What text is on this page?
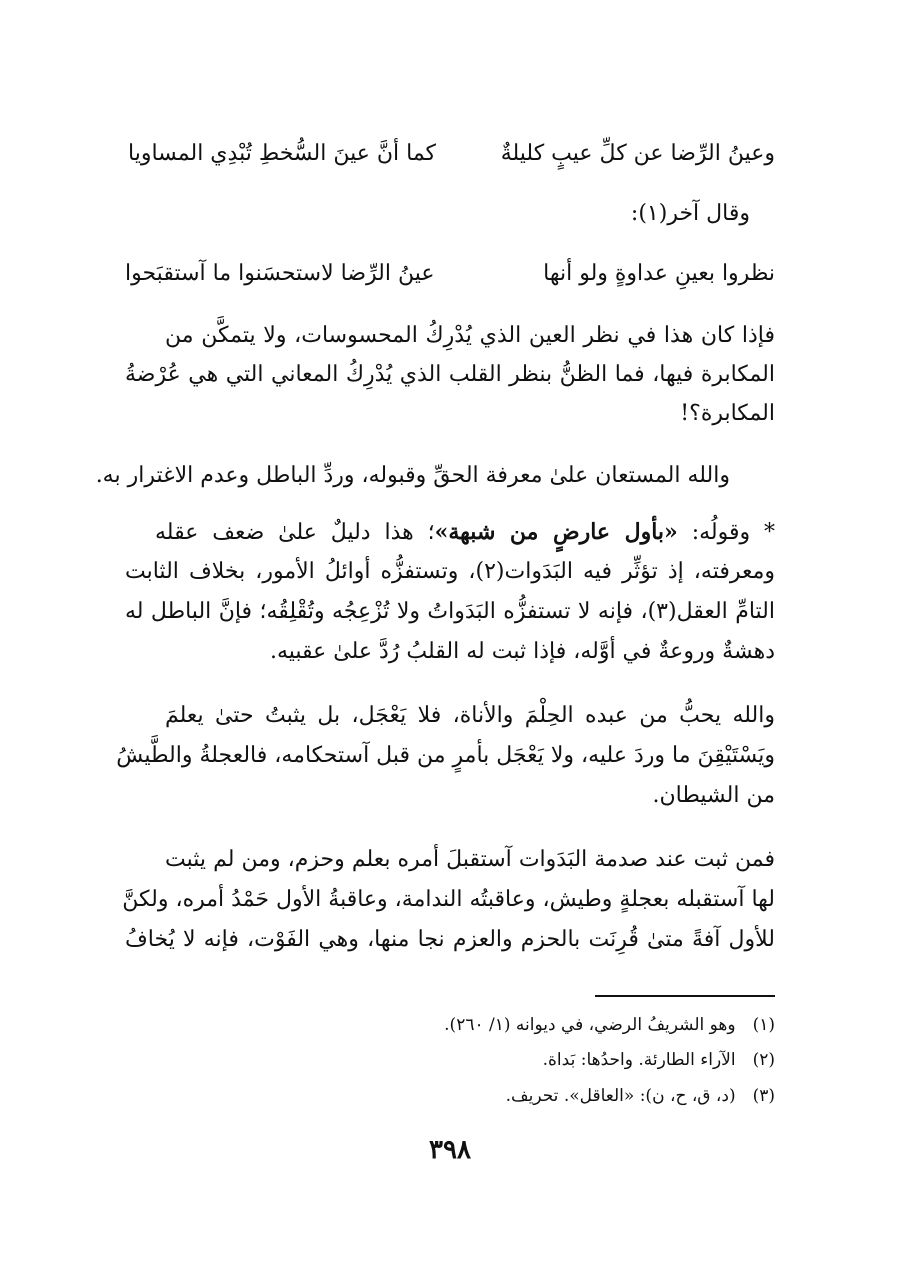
وعينُ الرِّضا عن كلِّ عيبٍ كليلةٌ
كما أنَّ عينَ السُّخطِ تُبْدِي المساويا
وقال آخر(١):
نظروا بعينِ عداوةٍ ولو أنها
عينُ الرِّضا لاستحسَنوا ما آستقبَحوا
فإذا كان هذا في نظر العين الذي يُدْرِكُ المحسوسات، ولا يتمكَّن من
المكابرة فيها، فما الظنُّ بنظر القلب الذي يُدْرِكُ المعاني التي هي عُرْضةُ
المكابرة؟!
والله المستعان علىٰ معرفة الحقِّ وقبوله، وردِّ الباطل وعدم الاغترار به.
* وقولُه: «بأول عارضٍ من شبهة»؛ هذا دليلٌ علىٰ ضعف عقله
ومعرفته، إذ تؤثِّر فيه البَدَوات(٢)، وتستفزُّه أوائلُ الأمور، بخلاف الثابت
التامِّ العقل(٣)، فإنه لا تستفزُّه البَدَواتُ ولا تُزْعِجُه وتُقْلِقُه؛ فإنَّ الباطل له
دهشةٌ وروعةٌ في أوَّله، فإذا ثبت له القلبُ رُدَّ علىٰ عقبيه.
والله يحبُّ من عبده الحِلْمَ والأناة، فلا يَعْجَل، بل يثبتُ حتىٰ يعلمَ
ويَسْتَيْقِنَ ما وردَ عليه، ولا يَعْجَل بأمرٍ من قبل آستحكامه، فالعجلةُ والطَّيشُ
من الشيطان.
فمن ثبت عند صدمة البَدَوات آستقبلَ أمره بعلم وحزم، ومن لم يثبت
لها آستقبله بعجلةٍ وطيش، وعاقبتُه الندامة، وعاقبةُ الأول حَمْدُ أمره، ولكنَّ
للأول آفةً متىٰ قُرِنَت بالحزم والعزم نجا منها، وهي الفَوْت، فإنه لا يُخافُ
(١) وهو الشريفُ الرضي، في ديوانه (١/ ٢٦٠).
(٢) الآراء الطارئة. واحدُها: بَداة.
(٣) (د، ق، ح، ن): «العاقل». تحريف.
٣٩٨
